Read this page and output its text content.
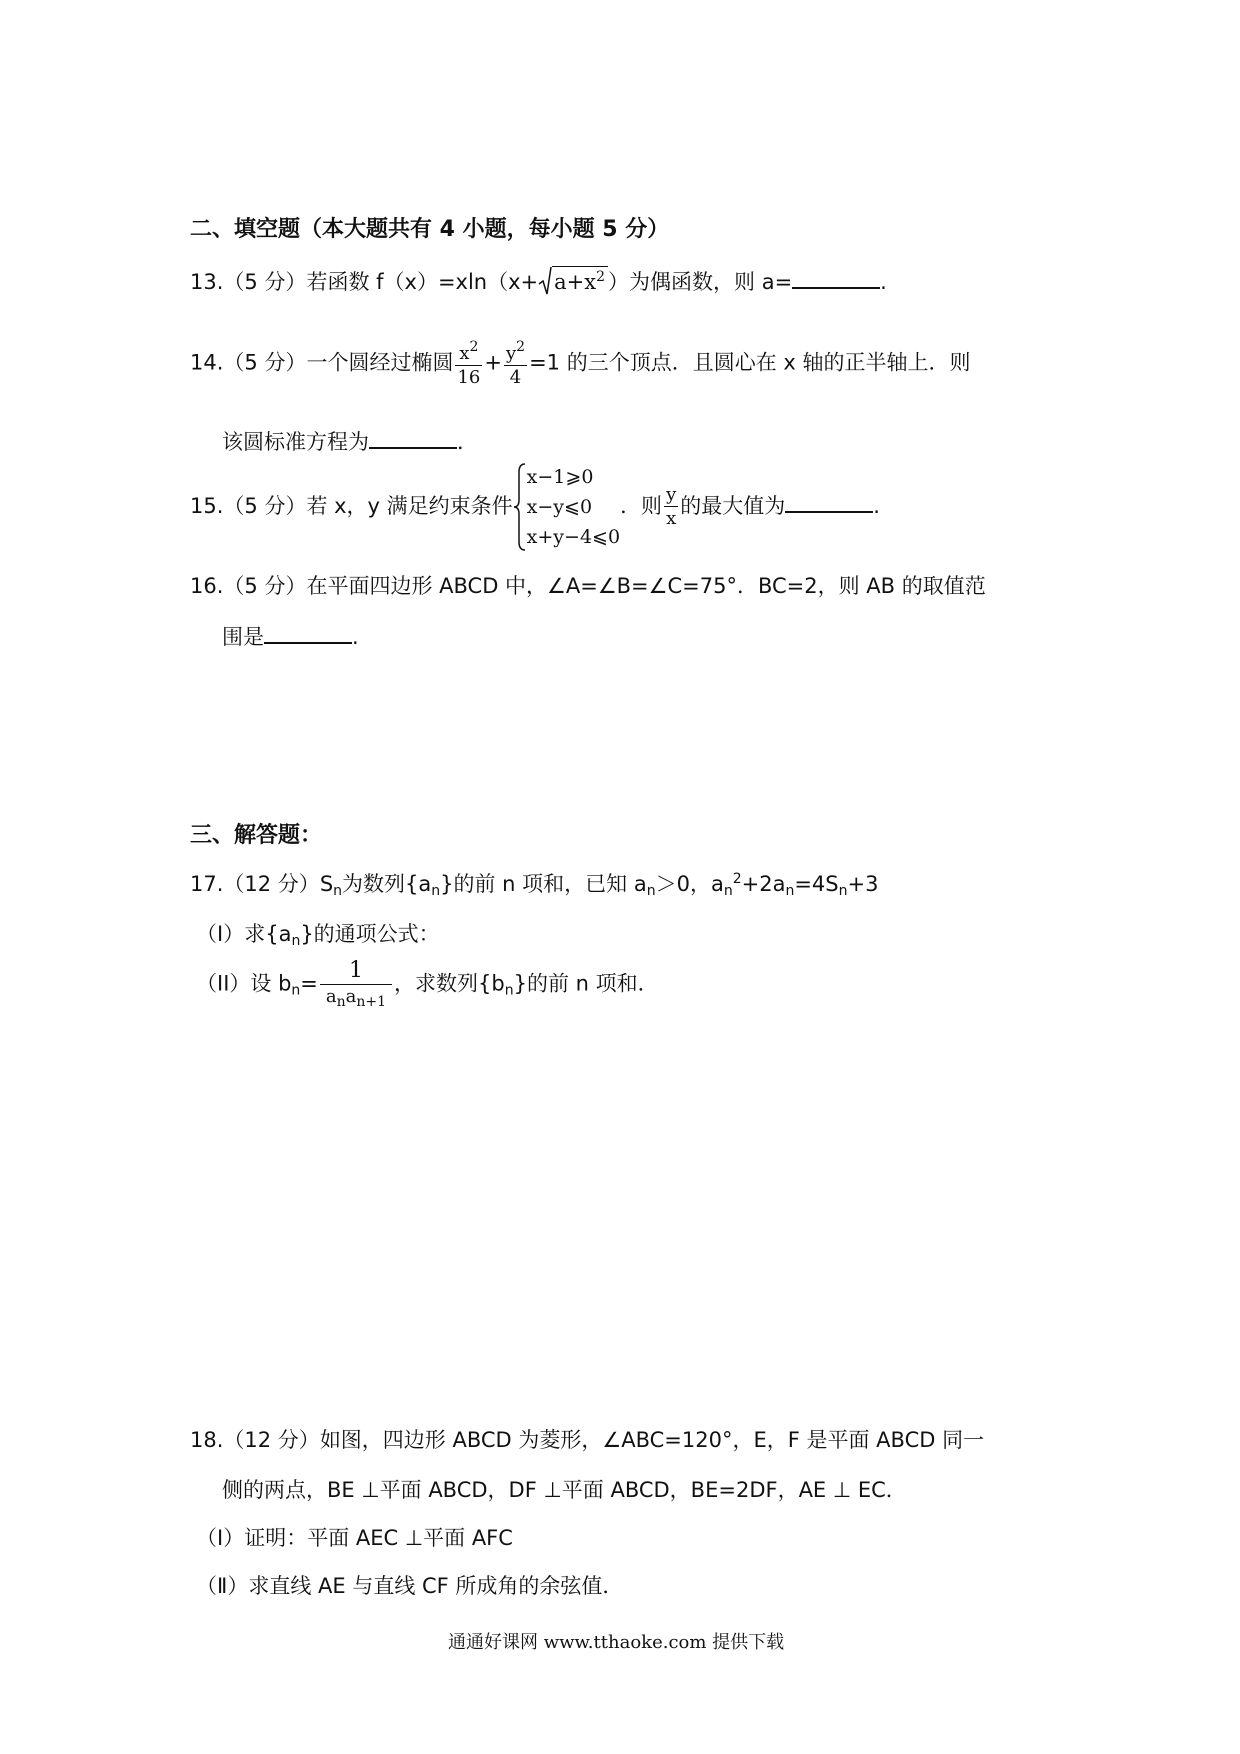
二、填空题（本大题共有 4 小题，每小题 5 分）
13.（5 分）若函数 $f(x)=xln(x+ a+x^2$ ）为偶函数，则 a=	.
14.（5 分）一个圆经过椭圆 $\frac{x^2}{16} + \frac{y^2}{4} =1$ 的三个顶点．且圆心在 x 轴的正半轴上．则
该圆标准方程为	．
15.（5 分）若 x，y 满足约束条件
x−1⩾0
x−y⩽0
x+y−4⩽0
．则 $\frac{y}{x}$ 的最大值为	.
16.（5 分）在平面四边形 ABCD 中，∠A=∠B=∠C=75°．BC=2，则 AB 的取值范
围是	.
三、解答题：
17.（12 分）$S_n$为数列$\{a_n\}$的前 n 项和，已知 $a_n>0$，$a_n^2+2a_n=4S_n+3$
（I）求$\{a_n\}$的通项公式：
（II）设 $b_n= \frac{1}{a_na_{n+1}}$ ，求数列$\{b_n\}$的前 n 项和．
18.（12 分）如图，四边形 ABCD 为菱形，∠ABC=120°，E，F 是平面 ABCD 同一
侧的两点，BE ⊥平面 ABCD，DF ⊥平面 ABCD，BE=2DF，AE ⊥ EC．
（Ⅰ）证明：平面 AEC ⊥平面 AFC
（Ⅱ）求直线 AE 与直线 CF 所成角的余弦值．
通通好课网 www.tthaoke.com 提供下载
